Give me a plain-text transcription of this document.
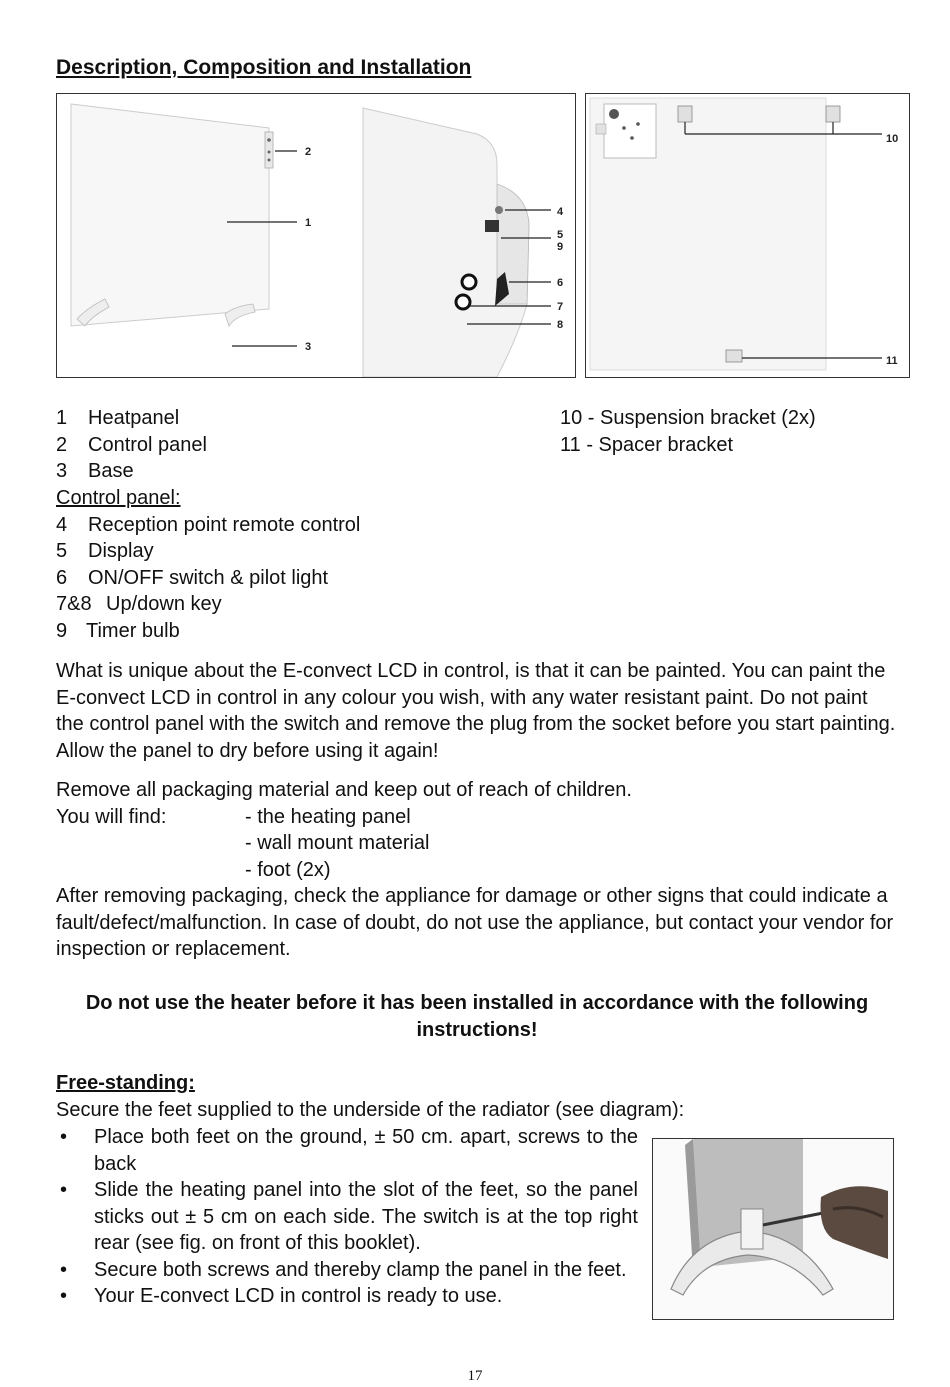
Description, Composition and Installation
2
1
3
4
5
9
6
7
8
10
11
1 Heatpanel
2 Control panel
3 Base
Control panel:
4 Reception point remote control
5 Display
6 ON/OFF switch & pilot light
7&8 Up/down key
9 Timer bulb
10 - Suspension bracket (2x)
11 - Spacer bracket
What is unique about the E-convect LCD in control, is that it can be painted. You can paint the E-convect LCD in control in any colour you wish, with any water resistant paint. Do not paint the control panel with the switch and remove the plug from the socket before you start painting. Allow the panel to dry before using it again!
Remove all packaging material and keep out of reach of children.
You will find:	- the heating panel
- wall mount material
- foot (2x)
After removing packaging, check the appliance for damage or other signs that could indicate a fault/defect/malfunction. In case of doubt, do not use the appliance, but contact your vendor for inspection or replacement.
Do not use the heater before it has been installed in accordance with the following instructions!
Free-standing:
Secure the feet supplied to the underside of the radiator (see diagram):
• Place both feet on the ground, ± 50 cm. apart, screws to the back
• Slide the heating panel into the slot of the feet, so the panel sticks out ± 5 cm on each side. The switch is at the top right rear (see fig. on front of this booklet).
• Secure both screws and thereby clamp the panel in the feet.
• Your E-convect LCD in control is ready to use.
17
